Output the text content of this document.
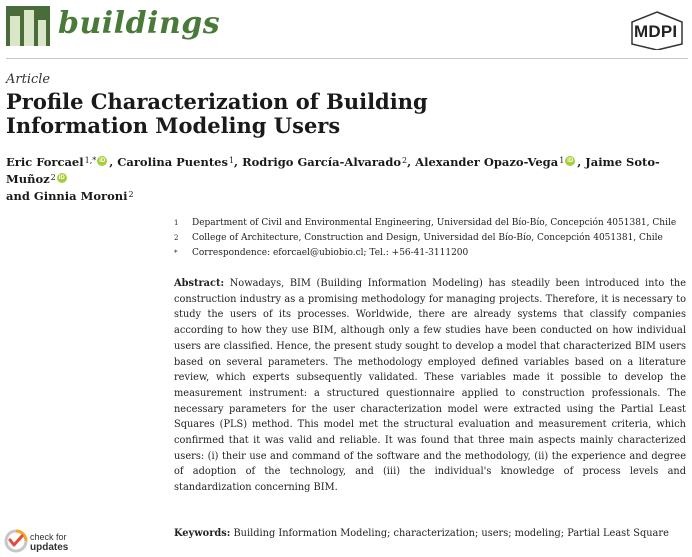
buildings	MDPI
Article
Profile Characterization of Building Information Modeling Users
Eric Forcael$^{1,*}$ iD , Carolina Puentes$^1$, Rodrigo García-Alvarado$^2$, Alexander Opazo-Vega$^1$ iD , Jaime Soto-Muñoz$^2$ iD
and Ginnia Moroni$^2$
1	Department of Civil and Environmental Engineering, Universidad del Bío-Bío, Concepción 4051381, Chile
2	College of Architecture, Construction and Design, Universidad del Bío-Bío, Concepción 4051381, Chile
*	Correspondence: eforcael@ubiobio.cl; Tel.: +56-41-3111200
Abstract: Nowadays, BIM (Building Information Modeling) has steadily been introduced into the construction industry as a promising methodology for managing projects. Therefore, it is necessary to study the users of its processes. Worldwide, there are already systems that classify companies according to how they use BIM, although only a few studies have been conducted on how individual users are classified. Hence, the present study sought to develop a model that characterized BIM users based on several parameters. The methodology employed defined variables based on a literature review, which experts subsequently validated. These variables made it possible to develop the measurement instrument: a structured questionnaire applied to construction professionals. The necessary parameters for the user characterization model were extracted using the Partial Least Squares (PLS) method. This model met the structural evaluation and measurement criteria, which confirmed that it was valid and reliable. It was found that three main aspects mainly characterized users: (i) their use and command of the software and the methodology, (ii) the experience and degree of adoption of the technology, and (iii) the individual's knowledge of process levels and standardization concerning BIM.
check for
updates
Keywords: Building Information Modeling; characterization; users; modeling; Partial Least Square
